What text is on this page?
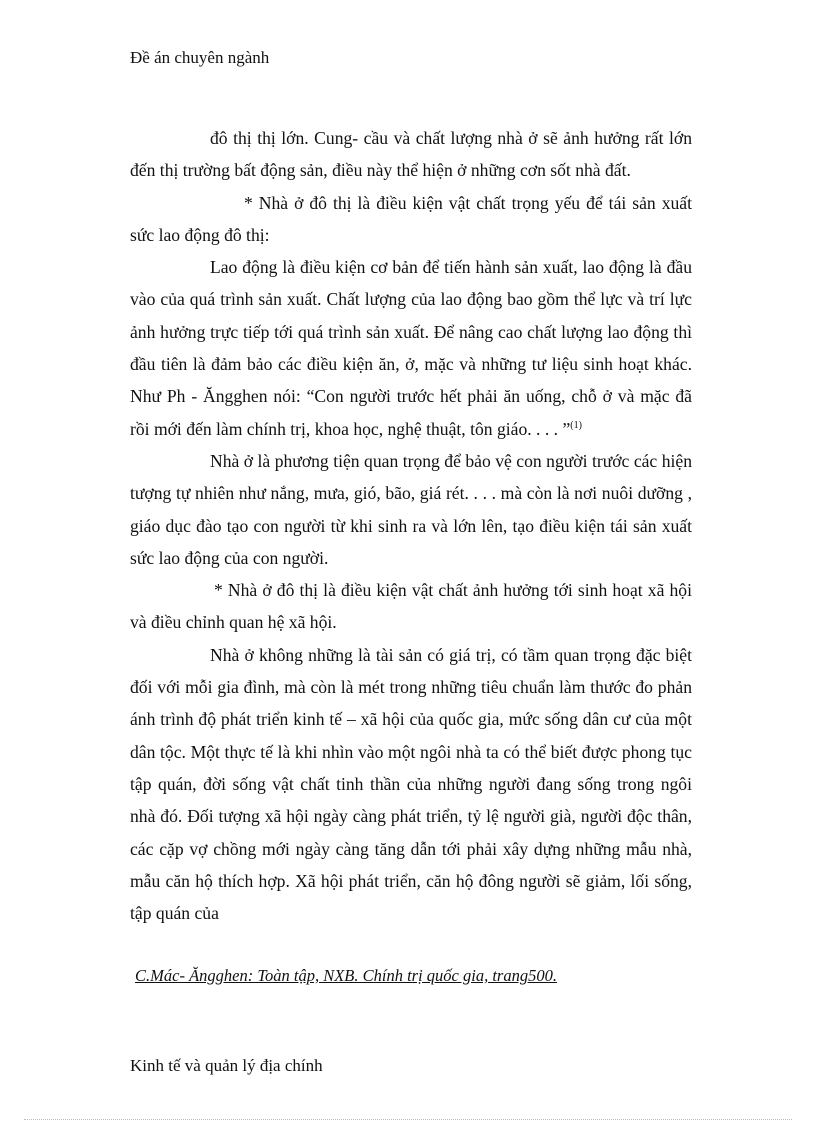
Đề án chuyên ngành

đô thị thị lớn. Cung- cầu và chất lượng nhà ở sẽ ảnh hưởng rất lớn đến thị trường bất động sản, điều này thể hiện ở những cơn sốt nhà đất.

* Nhà ở đô thị là điều kiện vật chất trọng yếu để tái sản xuất sức lao động đô thị:

Lao động là điều kiện cơ bản để tiến hành sản xuất, lao động là đầu vào của quá trình sản xuất. Chất lượng của lao động bao gồm thể lực và trí lực ảnh hưởng trực tiếp tới quá trình sản xuất. Để nâng cao chất lượng lao động thì đầu tiên là đảm bảo các điều kiện ăn, ở, mặc và những tư liệu sinh hoạt khác. Như Ph - Ăngghen nói: “Con người trước hết phải ăn uống, chỗ ở và mặc đã rồi mới đến làm chính trị, khoa học, nghệ thuật, tôn giáo. . . . ”$^{(1)}$

Nhà ở là phương tiện quan trọng để bảo vệ con người trước các hiện tượng tự nhiên như nắng, mưa, gió, bão, giá rét. . . . mà còn là nơi nuôi dưỡng , giáo dục đào tạo con người từ khi sinh ra và lớn lên, tạo điều kiện tái sản xuất sức lao động của con người.

* Nhà ở đô thị là điều kiện vật chất ảnh hưởng tới sinh hoạt xã hội và điều chỉnh quan hệ xã hội.

Nhà ở không những là tài sản có giá trị, có tầm quan trọng đặc biệt đối với mỗi gia đình, mà còn là mét trong những tiêu chuẩn làm thước đo phản ánh trình độ phát triển kinh tế – xã hội của quốc gia, mức sống dân cư của một dân tộc. Một thực tế là khi nhìn vào một ngôi nhà ta có thể biết được phong tục tập quán, đời sống vật chất tinh thần của những người đang sống trong ngôi nhà đó. Đối tượng xã hội ngày càng phát triển, tỷ lệ người già, người độc thân, các cặp vợ chồng mới ngày càng tăng dẫn tới phải xây dựng những mẫu nhà, mẫu căn hộ thích hợp. Xã hội phát triển, căn hộ đông người sẽ giảm, lối sống, tập quán của

C.Mác- Ăngghen: Toàn tập, NXB. Chính trị quốc gia, trang500.
Kinh tế và quản lý địa chính
